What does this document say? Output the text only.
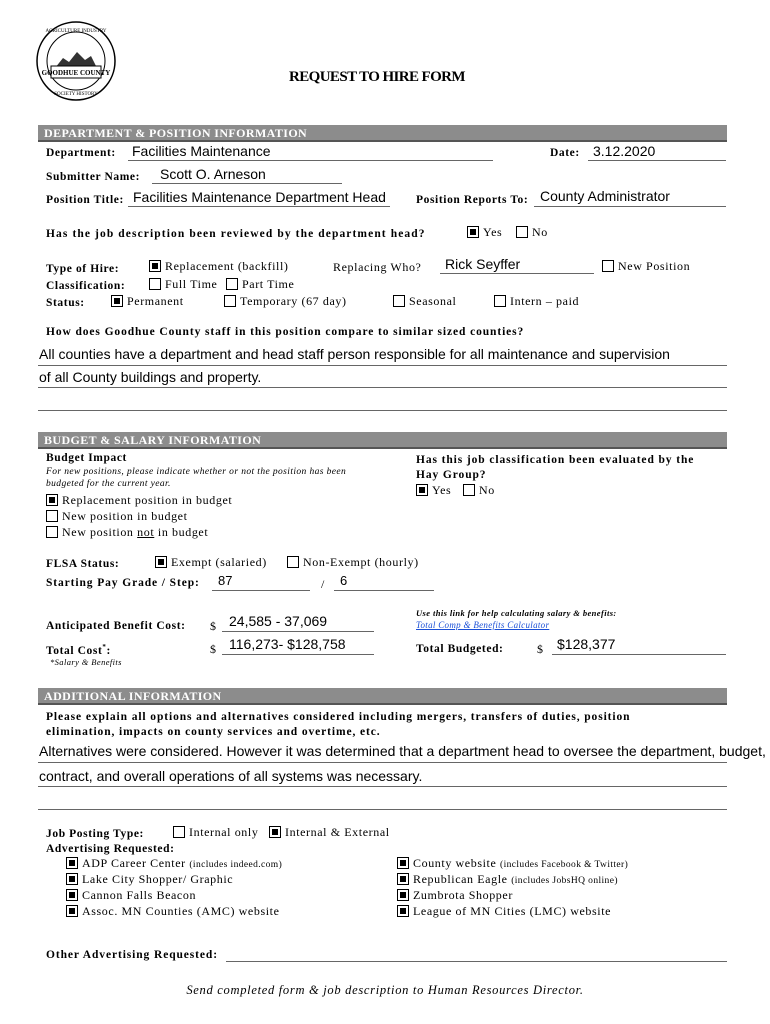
GOODHUE COUNTY
AGRICULTURE INDUSTRY
SOCIETY HISTORY
REQUEST TO HIRE FORM
DEPARTMENT & POSITION INFORMATION
Department: Facilities Maintenance	Date: 3.12.2020
Submitter Name: Scott O. Arneson
Position Title: Facilities Maintenance Department Head	Position Reports To: County Administrator
Has the job description been reviewed by the department head?	Yes	No
Type of Hire:	Replacement (backfill)	Replacing Who? Rick Seyffer	New Position
Classification:	Full Time	Part Time
Status:	Permanent	Temporary (67 day)	Seasonal	Intern – paid
How does Goodhue County staff in this position compare to similar sized counties?
All counties have a department and head staff person responsible for all maintenance and supervision
of all County buildings and property.
BUDGET & SALARY INFORMATION
Budget Impact
For new positions, please indicate whether or not the position has been budgeted for the current year.
Replacement position in budget
New position in budget
New position not in budget
Has this job classification been evaluated by the Hay Group?
Yes	No
FLSA Status:	Exempt (salaried)	Non-Exempt (hourly)
Starting Pay Grade / Step: 87	/ 6
Anticipated Benefit Cost: $ 24,585 - 37,069
Total Cost*:	$ 116,273- $128,758
*Salary & Benefits
Use this link for help calculating salary & benefits:
Total Comp & Benefits Calculator
Total Budgeted:	$ $128,377
ADDITIONAL INFORMATION
Please explain all options and alternatives considered including mergers, transfers of duties, position
elimination, impacts on county services and overtime, etc.
Alternatives were considered. However it was determined that a department head to oversee the department, budget,
contract, and overall operations of all systems was necessary.
Job Posting Type:	Internal only	Internal & External
Advertising Requested:
ADP Career Center (includes indeed.com)
Lake City Shopper/ Graphic
Cannon Falls Beacon
Assoc. MN Counties (AMC) website
County website (includes Facebook & Twitter)
Republican Eagle (includes JobsHQ online)
Zumbrota Shopper
League of MN Cities (LMC) website
Other Advertising Requested:
Send completed form & job description to Human Resources Director.
